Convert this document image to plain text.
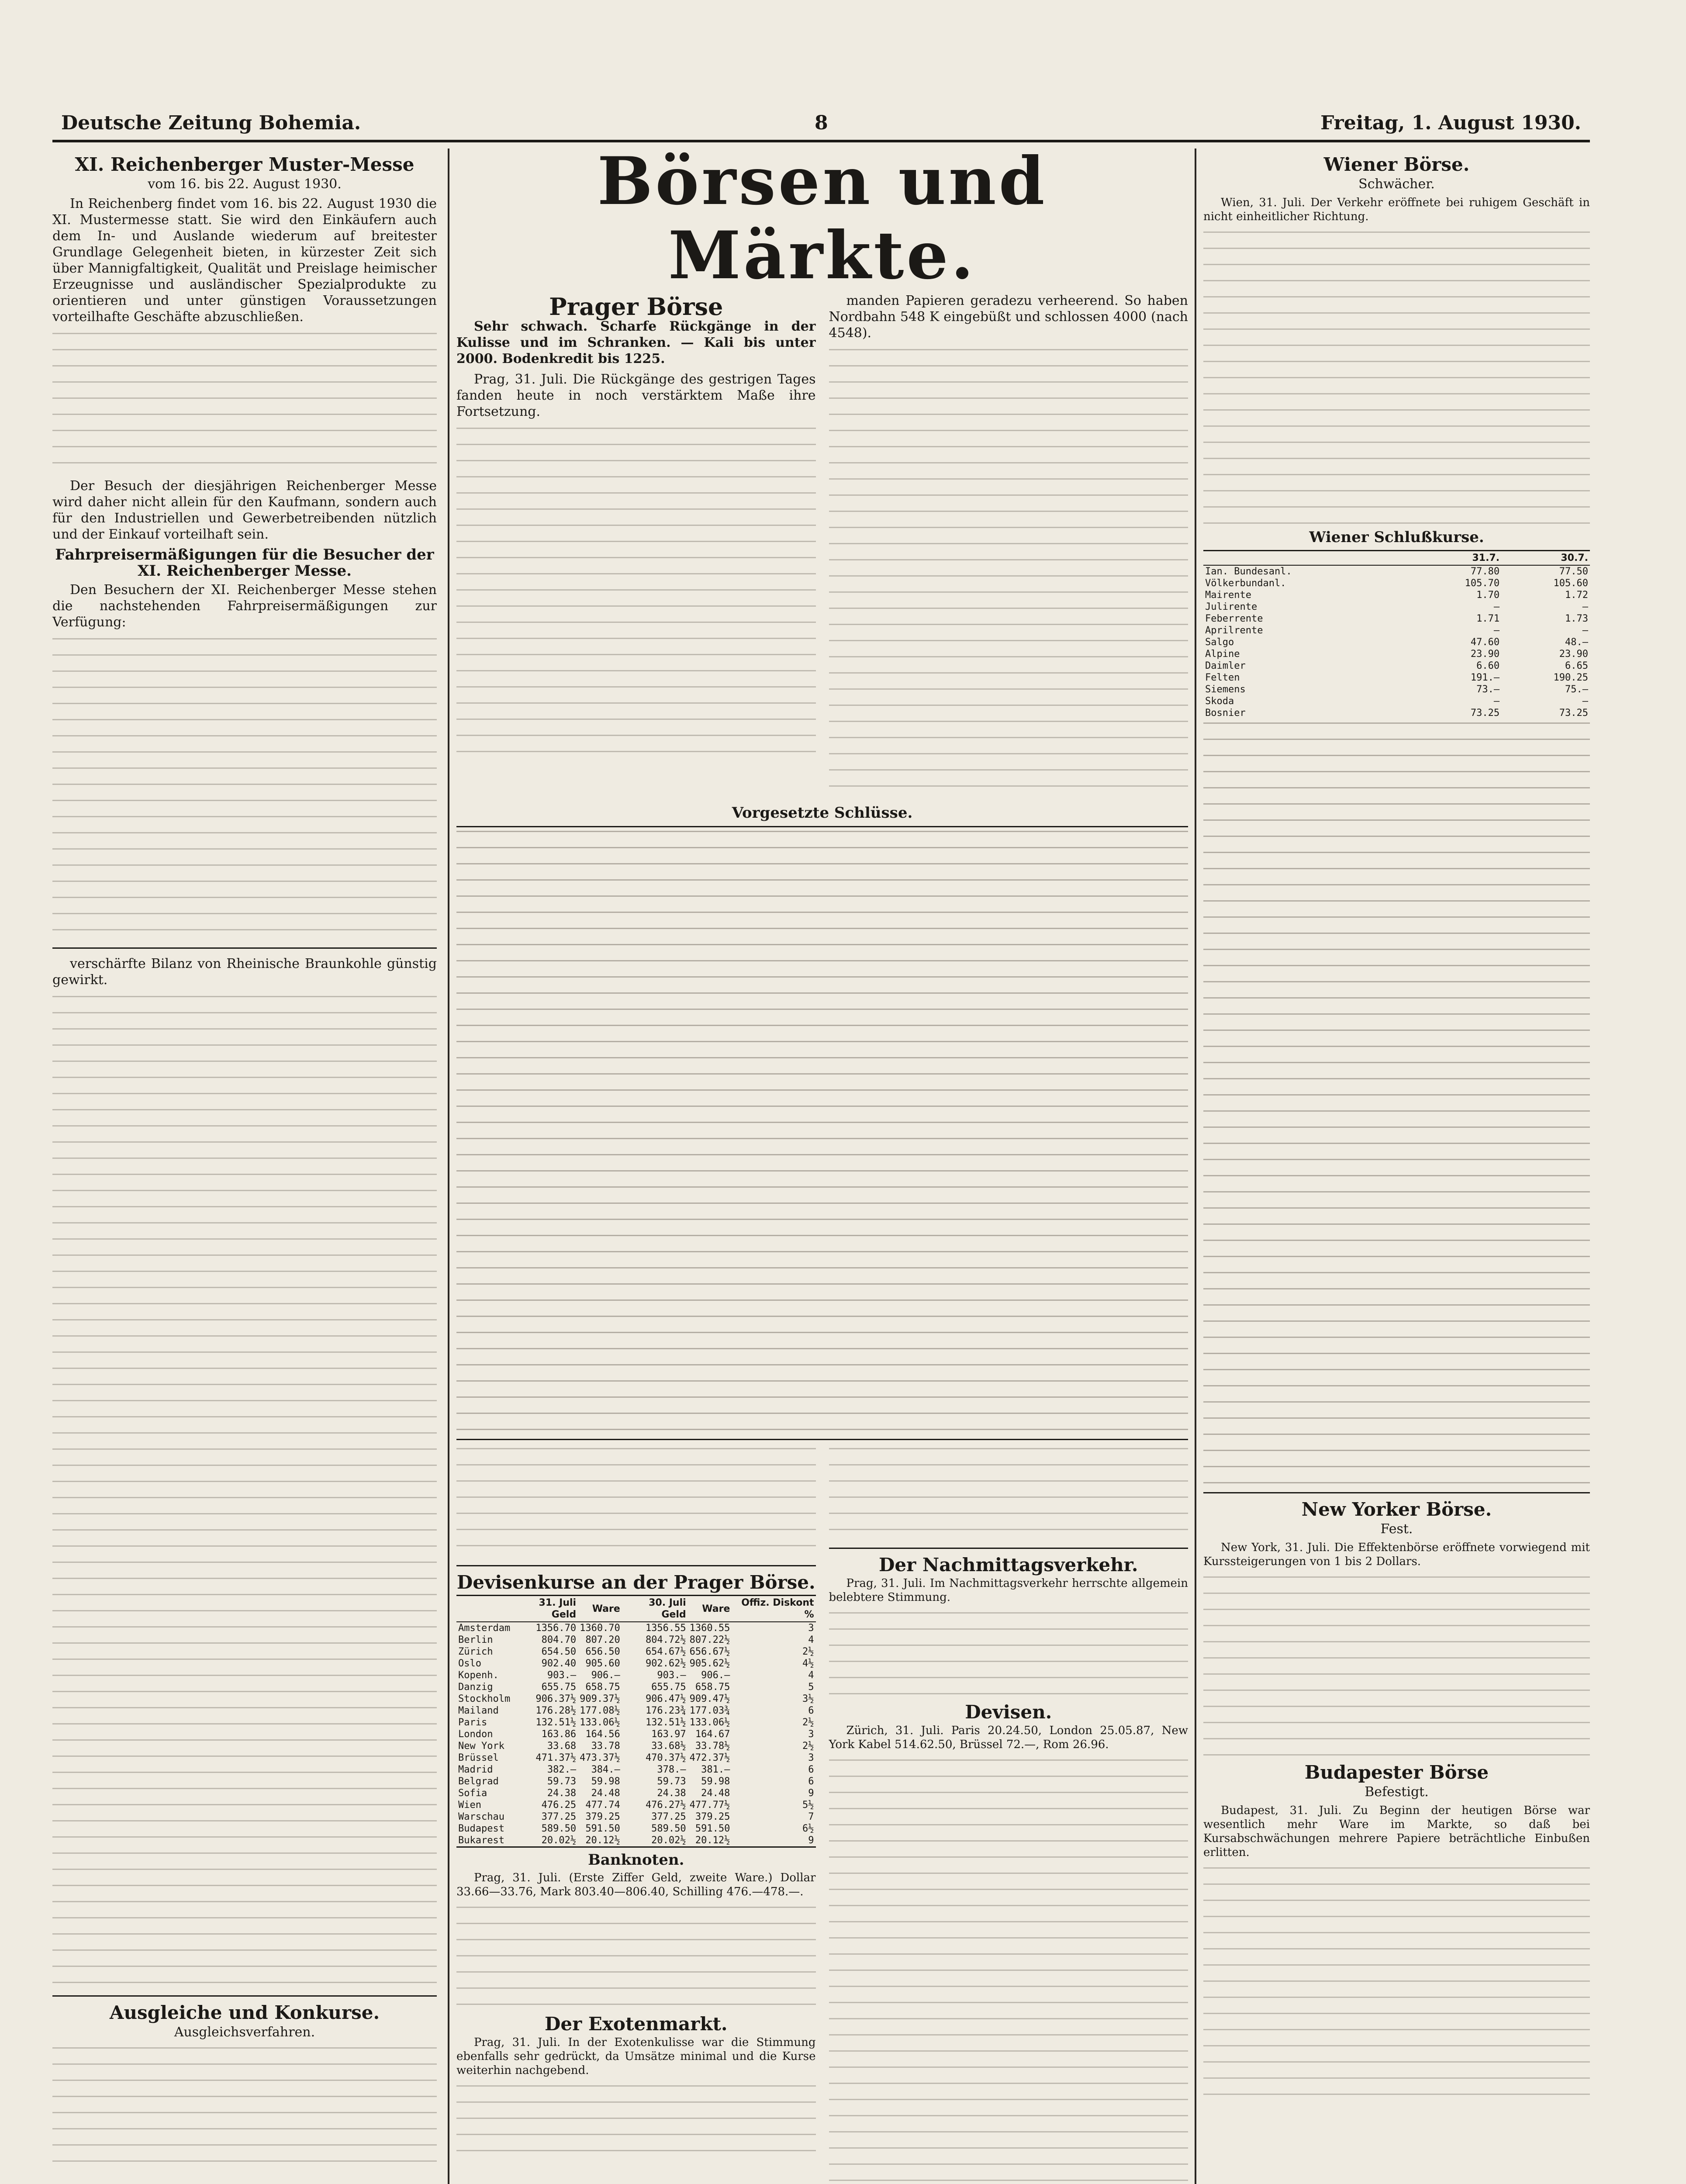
Deutsche Zeitung Bohemia.	8	Freitag, 1. August 1930.
XI. Reichenberger Muster-Messe
vom 16. bis 22. August 1930.

In Reichenberg findet vom 16. bis 22. August 1930 die XI. Mustermesse statt. Sie wird den Einkäufern auch dem In- und Auslande wiederum auf breitester Grundlage Gelegenheit bieten, in kürzester Zeit sich über Mannigfaltigkeit, Qualität und Preislage heimischer Erzeugnisse und ausländischer Spezialprodukte zu orientieren und unter günstigen Voraussetzungen vorteilhafte Geschäfte abzuschließen.

Der Besuch der diesjährigen Reichenberger Messe wird daher nicht allein für den Kaufmann, sondern auch für den Industriellen und Gewerbetreibenden nützlich und der Einkauf vorteilhaft sein.

Fahrpreisermäßigungen für die Besucher der XI. Reichenberger Messe.

Den Besuchern der XI. Reichenberger Messe stehen die nachstehenden Fahrpreisermäßigungen zur Verfügung:

verschärfte Bilanz von Rheinische Braunkohle günstig gewirkt.

Ausgleiche und Konkurse.
Ausgleichsverfahren.
Börsen und Märkte.
Prager Börse

Sehr schwach. Scharfe Rückgänge in der Kulisse und im Schranken. — Kali bis unter 2000. Bodenkredit bis 1225.

Prag, 31. Juli. Die Rückgänge des gestrigen Tages fanden heute in noch verstärktem Maße ihre Fortsetzung.

manden Papieren geradezu verheerend. So haben Nordbahn 548 K eingebüßt und schlossen 4000 (nach 4548).

Vorgesetzte Schlüsse.
Devisenkurse an der Prager Börse.
	31. Juli Geld	Ware	30. Juli Geld	Ware	Offiz. Diskont %
Amsterdam	1356.70	1360.70	1356.55	1360.55	3
Berlin	804.70	807.20	804.72½	807.22½	4
Zürich	654.50	656.50	654.67½	656.67½	2½
Oslo	902.40	905.60	902.62½	905.62½	4½
Kopenh.	903.—	906.—	903.—	906.—	4
Danzig	655.75	658.75	655.75	658.75	5
Stockholm	906.37½	909.37½	906.47½	909.47½	3½
Mailand	176.28½	177.08½	176.23¾	177.03¾	6
Paris	132.51½	133.06½	132.51½	133.06½	2½
London	163.86	164.56	163.97	164.67	3
New York	33.68	33.78	33.68½	33.78½	2½
Brüssel	471.37½	473.37½	470.37½	472.37½	3
Madrid	382.—	384.—	378.—	381.—	6
Belgrad	59.73	59.98	59.73	59.98	6
Sofia	24.38	24.48	24.38	24.48	9
Wien	476.25	477.74	476.27½	477.77½	5½
Warschau	377.25	379.25	377.25	379.25	7
Budapest	589.50	591.50	589.50	591.50	6½
Bukarest	20.02½	20.12½	20.02½	20.12½	9
Banknoten.

Prag, 31. Juli. (Erste Ziffer Geld, zweite Ware.) Dollar 33.66—33.76, Mark 803.40—806.40, Schilling 476.—478.—.

Der Exotenmarkt.

Prag, 31. Juli. In der Exotenkulisse war die Stimmung ebenfalls sehr gedrückt, da Umsätze minimal und die Kurse weiterhin nachgebend.

Der Nachmittagsverkehr.

Prag, 31. Juli. Im Nachmittagsverkehr herrschte allgemein belebtere Stimmung.

Devisen.

Zürich, 31. Juli. Paris 20.24.50, London 25.05.87, New York Kabel 514.62.50, Brüssel 72.—, Rom 26.96.

Wiener Börse.
Schwächer.

Wien, 31. Juli. Der Verkehr eröffnete bei ruhigem Geschäft in nicht einheitlicher Richtung.

Wiener Schlußkurse.
	31.7.	30.7.
Ian. Bundesanl.	77.80	77.50
Völkerbundanl.	105.70	105.60
Mairente	1.70	1.72
Julirente	—	—
Feberrente	1.71	1.73
Aprilrente	—	—
Salgo	47.60	48.—
Alpine	23.90	23.90
Daimler	6.60	6.65
Felten	191.—	190.25
Siemens	73.—	75.—
Skoda	—	—
Bosnier	73.25	73.25
New Yorker Börse.
Fest.

New York, 31. Juli. Die Effektenbörse eröffnete vorwiegend mit Kurssteigerungen von 1 bis 2 Dollars.

Budapester Börse
Befestigt.

Budapest, 31. Juli. Zu Beginn der heutigen Börse war wesentlich mehr Ware im Markte, so daß bei Kursabschwächungen mehrere Papiere beträchtliche Einbußen erlitten.
